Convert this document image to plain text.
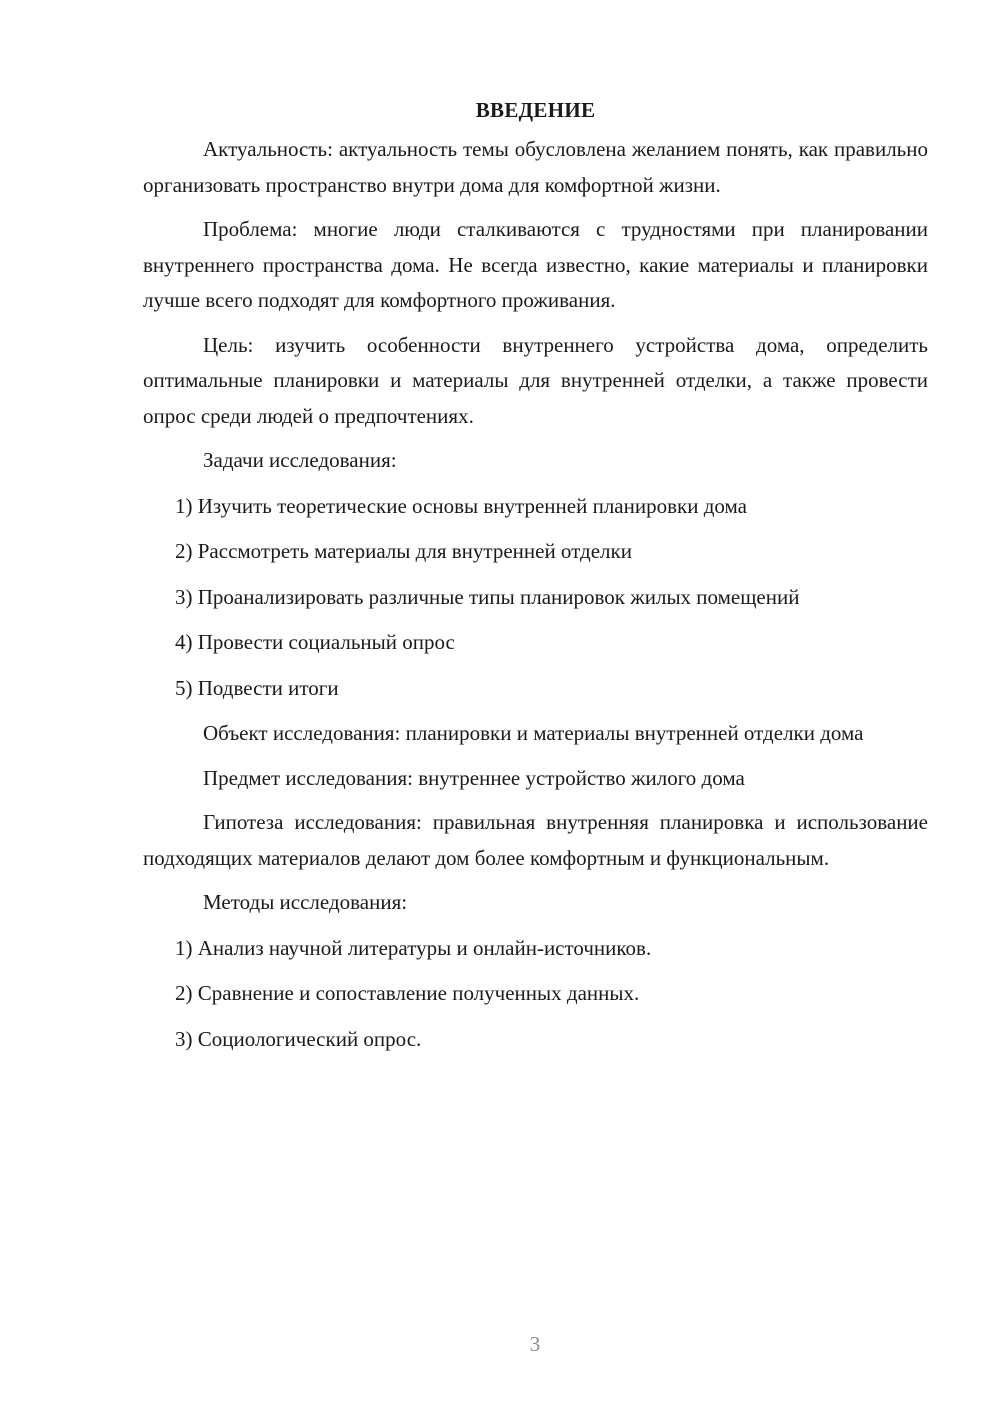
ВВЕДЕНИЕ

Актуальность: актуальность темы обусловлена желанием понять, как правильно организовать пространство внутри дома для комфортной жизни.

Проблема: многие люди сталкиваются с трудностями при планировании внутреннего пространства дома. Не всегда известно, какие материалы и планировки лучше всего подходят для комфортного проживания.

Цель: изучить особенности внутреннего устройства дома, определить оптимальные планировки и материалы для внутренней отделки, а также провести опрос среди людей о предпочтениях.

Задачи исследования:

1) Изучить теоретические основы внутренней планировки дома

2) Рассмотреть материалы для внутренней отделки

3) Проанализировать различные типы планировок жилых помещений

4) Провести социальный опрос

5) Подвести итоги

Объект исследования: планировки и материалы внутренней отделки дома

Предмет исследования: внутреннее устройство жилого дома

Гипотеза исследования: правильная внутренняя планировка и использование подходящих материалов делают дом более комфортным и функциональным.

Методы исследования:

1) Анализ научной литературы и онлайн-источников.

2) Сравнение и сопоставление полученных данных.

3) Социологический опрос.

3
